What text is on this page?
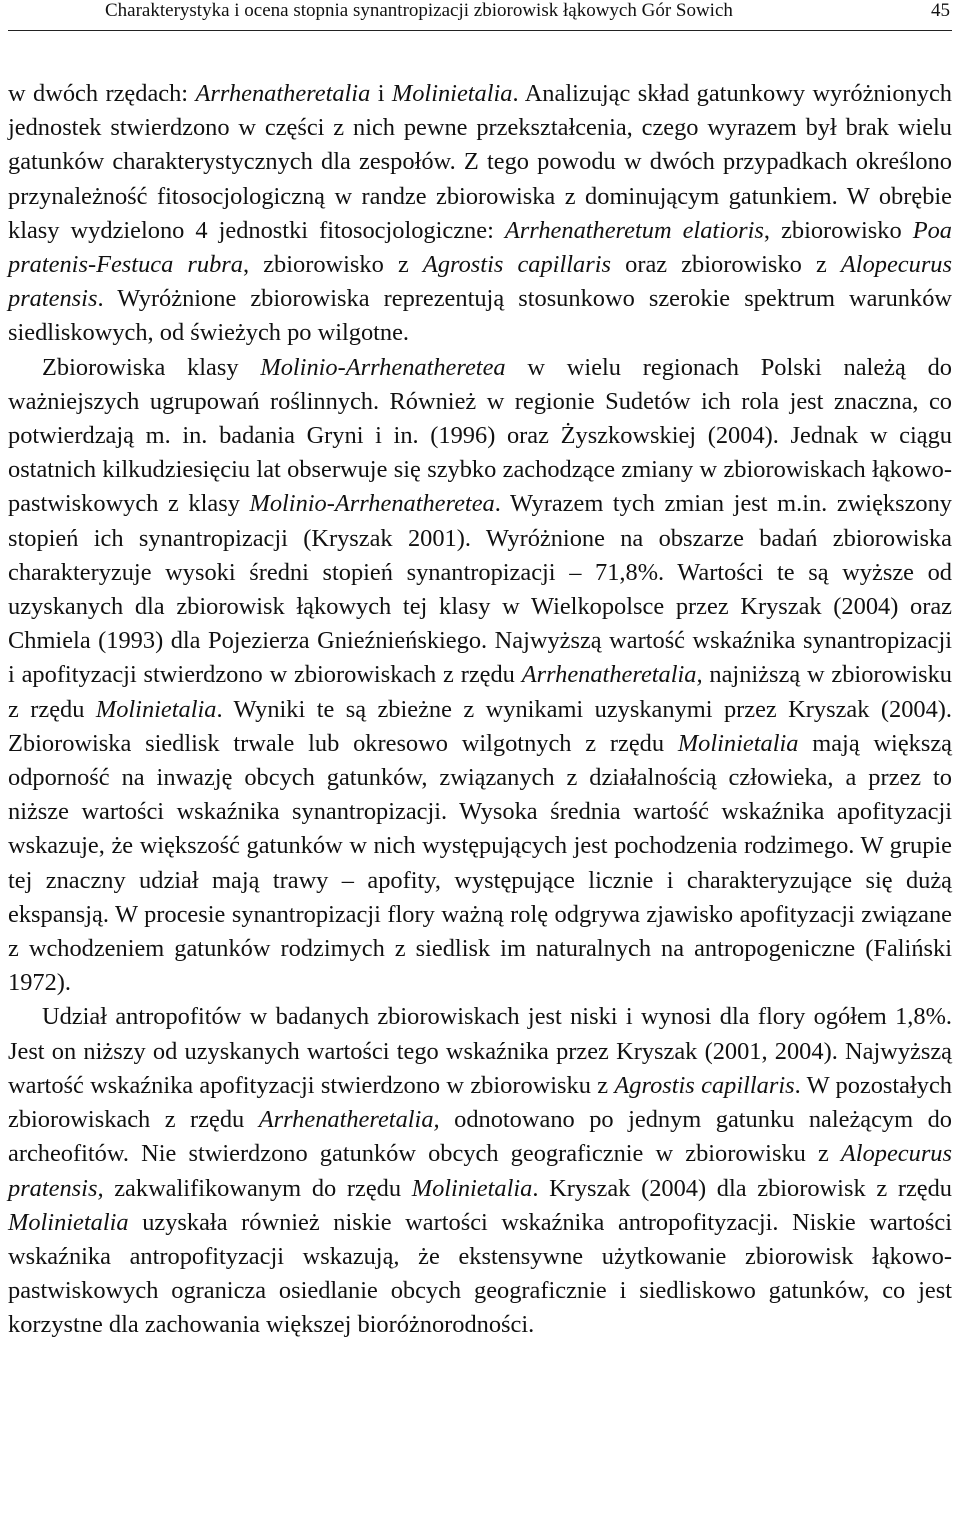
Charakterystyka i ocena stopnia synantropizacji zbiorowisk łąkowych Gór Sowich	45

w dwóch rzędach: Arrhenatheretalia i Molinietalia. Analizując skład gatunkowy wyróżnionych jednostek stwierdzono w części z nich pewne przekształcenia, czego wyrazem był brak wielu gatunków charakterystycznych dla zespołów. Z tego powodu w dwóch przypadkach określono przynależność fitosocjologiczną w randze zbiorowiska z dominującym gatunkiem. W obrębie klasy wydzielono 4 jednostki fitosocjologiczne: Arrhenatheretum elatioris, zbiorowisko Poa pratenis-Festuca rubra, zbiorowisko z Agrostis capillaris oraz zbiorowisko z Alopecurus pratensis. Wyróżnione zbiorowiska reprezentują stosunkowo szerokie spektrum warunków siedliskowych, od świeżych po wilgotne.

Zbiorowiska klasy Molinio-Arrhenatheretea w wielu regionach Polski należą do ważniejszych ugrupowań roślinnych. Również w regionie Sudetów ich rola jest znaczna, co potwierdzają m. in. badania Gryni i in. (1996) oraz Żyszkowskiej (2004). Jednak w ciągu ostatnich kilkudziesięciu lat obserwuje się szybko zachodzące zmiany w zbiorowiskach łąkowo-pastwiskowych z klasy Molinio-Arrhenatheretea. Wyrazem tych zmian jest m.in. zwiększony stopień ich synantropizacji (Kryszak 2001). Wyróżnione na obszarze badań zbiorowiska charakteryzuje wysoki średni stopień synantropizacji – 71,8%. Wartości te są wyższe od uzyskanych dla zbiorowisk łąkowych tej klasy w Wielkopolsce przez Kryszak (2004) oraz Chmiela (1993) dla Pojezierza Gnieźnieńskiego. Najwyższą wartość wskaźnika synantropizacji i apofityzacji stwierdzono w zbiorowiskach z rzędu Arrhenatheretalia, najniższą w zbiorowisku z rzędu Molinietalia. Wyniki te są zbieżne z wynikami uzyskanymi przez Kryszak (2004). Zbiorowiska siedlisk trwale lub okresowo wilgotnych z rzędu Molinietalia mają większą odporność na inwazję obcych gatunków, związanych z działalnością człowieka, a przez to niższe wartości wskaźnika synantropizacji. Wysoka średnia wartość wskaźnika apofityzacji wskazuje, że większość gatunków w nich występujących jest pochodzenia rodzimego. W grupie tej znaczny udział mają trawy – apofity, występujące licznie i charakteryzujące się dużą ekspansją. W procesie synantropizacji flory ważną rolę odgrywa zjawisko apofityzacji związane z wchodzeniem gatunków rodzimych z siedlisk im naturalnych na antropogeniczne (Faliński 1972).

Udział antropofitów w badanych zbiorowiskach jest niski i wynosi dla flory ogółem 1,8%. Jest on niższy od uzyskanych wartości tego wskaźnika przez Kryszak (2001, 2004). Najwyższą wartość wskaźnika apofityzacji stwierdzono w zbiorowisku z Agrostis capillaris. W pozostałych zbiorowiskach z rzędu Arrhenatheretalia, odnotowano po jednym gatunku należącym do archeofitów. Nie stwierdzono gatunków obcych geograficznie w zbiorowisku z Alopecurus pratensis, zakwalifikowanym do rzędu Molinietalia. Kryszak (2004) dla zbiorowisk z rzędu Molinietalia uzyskała również niskie wartości wskaźnika antropofityzacji. Niskie wartości wskaźnika antropofityzacji wskazują, że ekstensywne użytkowanie zbiorowisk łąkowo-pastwiskowych ogranicza osiedlanie obcych geograficznie i siedliskowo gatunków, co jest korzystne dla zachowania większej bioróżnorodności.
